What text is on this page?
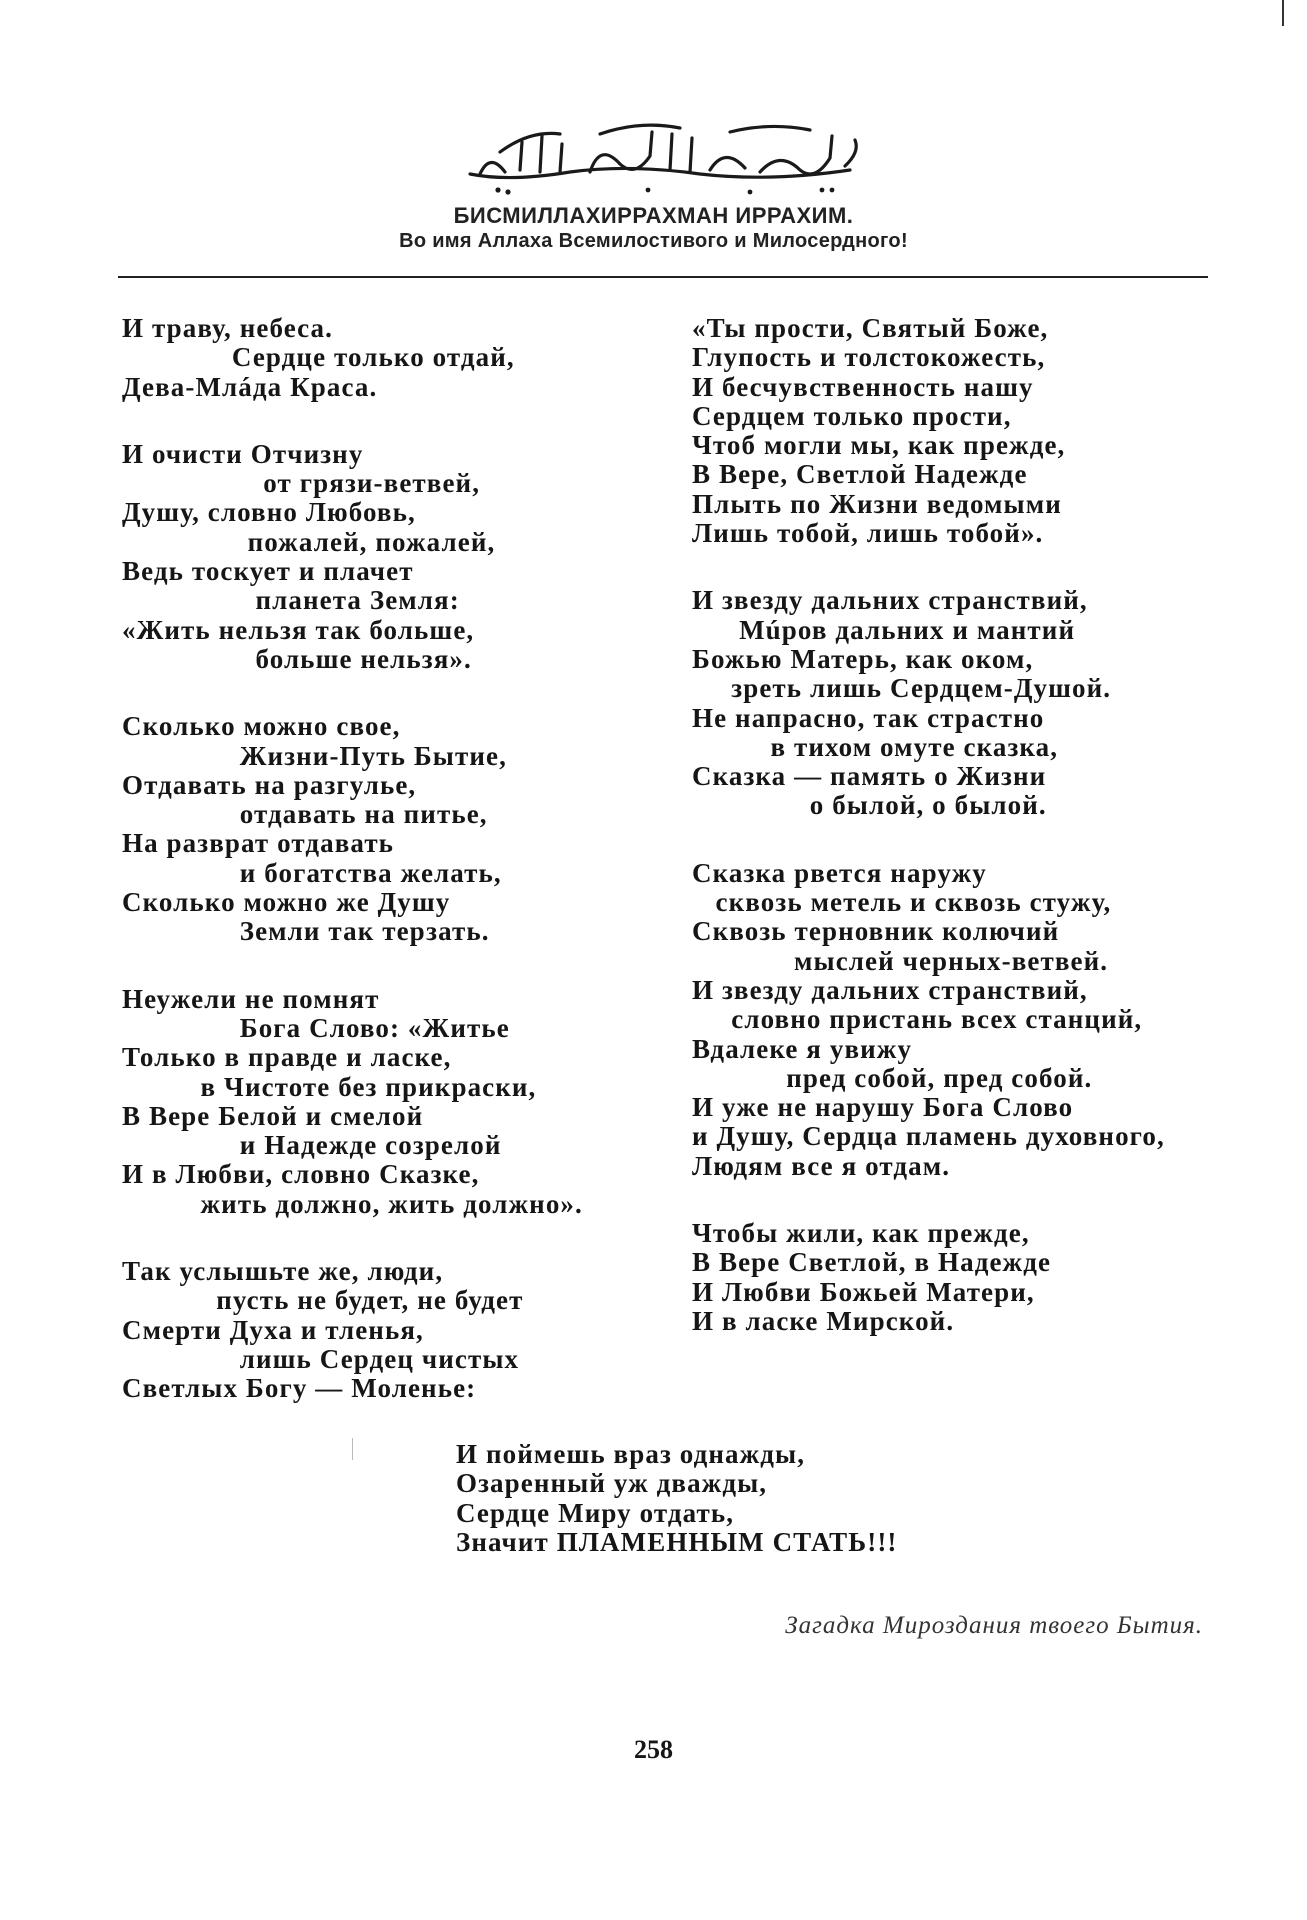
БИСМИЛЛАХИРРАХМАН ИРРАХИМ.
Во имя Аллаха Всемилостивого и Милосердного!
И траву, небеса.
Сердце только отдай,
Дева-Млáда Краса.
И очисти Отчизну
от грязи-ветвей,
Душу, словно Любовь,
пожалей, пожалей,
Ведь тоскует и плачет
планета Земля:
«Жить нельзя так больше,
больше нельзя».
Сколько можно свое,
Жизни-Путь Бытие,
Отдавать на разгулье,
отдавать на питье,
На разврат отдавать
и богатства желать,
Сколько можно же Душу
Земли так терзать.
Неужели не помнят
Бога Слово: «Житье
Только в правде и ласке,
в Чистоте без прикраски,
В Вере Белой и смелой
и Надежде созрелой
И в Любви, словно Сказке,
жить должно, жить должно».
Так услышьте же, люди,
пусть не будет, не будет
Смерти Духа и тленья,
лишь Сердец чистых
Светлых Богу — Моленье:
«Ты прости, Святый Боже,
Глупость и толстокожесть,
И бесчувственность нашу
Сердцем только прости,
Чтоб могли мы, как прежде,
В Вере, Светлой Надежде
Плыть по Жизни ведомыми
Лишь тобой, лишь тобой».
И звезду дальних странствий,
Мúров дальних и мантий
Божью Матерь, как оком,
зреть лишь Сердцем-Душой.
Не напрасно, так страстно
в тихом омуте сказка,
Сказка — память о Жизни
о былой, о былой.
Сказка рвется наружу
сквозь метель и сквозь стужу,
Сквозь терновник колючий
мыслей черных-ветвей.
И звезду дальних странствий,
словно пристань всех станций,
Вдалеке я увижу
пред собой, пред собой.
И уже не нарушу Бога Слово
и Душу, Сердца пламень духовного,
Людям все я отдам.
Чтобы жили, как прежде,
В Вере Светлой, в Надежде
И Любви Божьей Матери,
И в ласке Мирской.
И поймешь враз однажды,
Озаренный уж дважды,
Сердце Миру отдать,
Значит ПЛАМЕННЫМ СТАТЬ!!!
Загадка Мироздания твоего Бытия.
258
